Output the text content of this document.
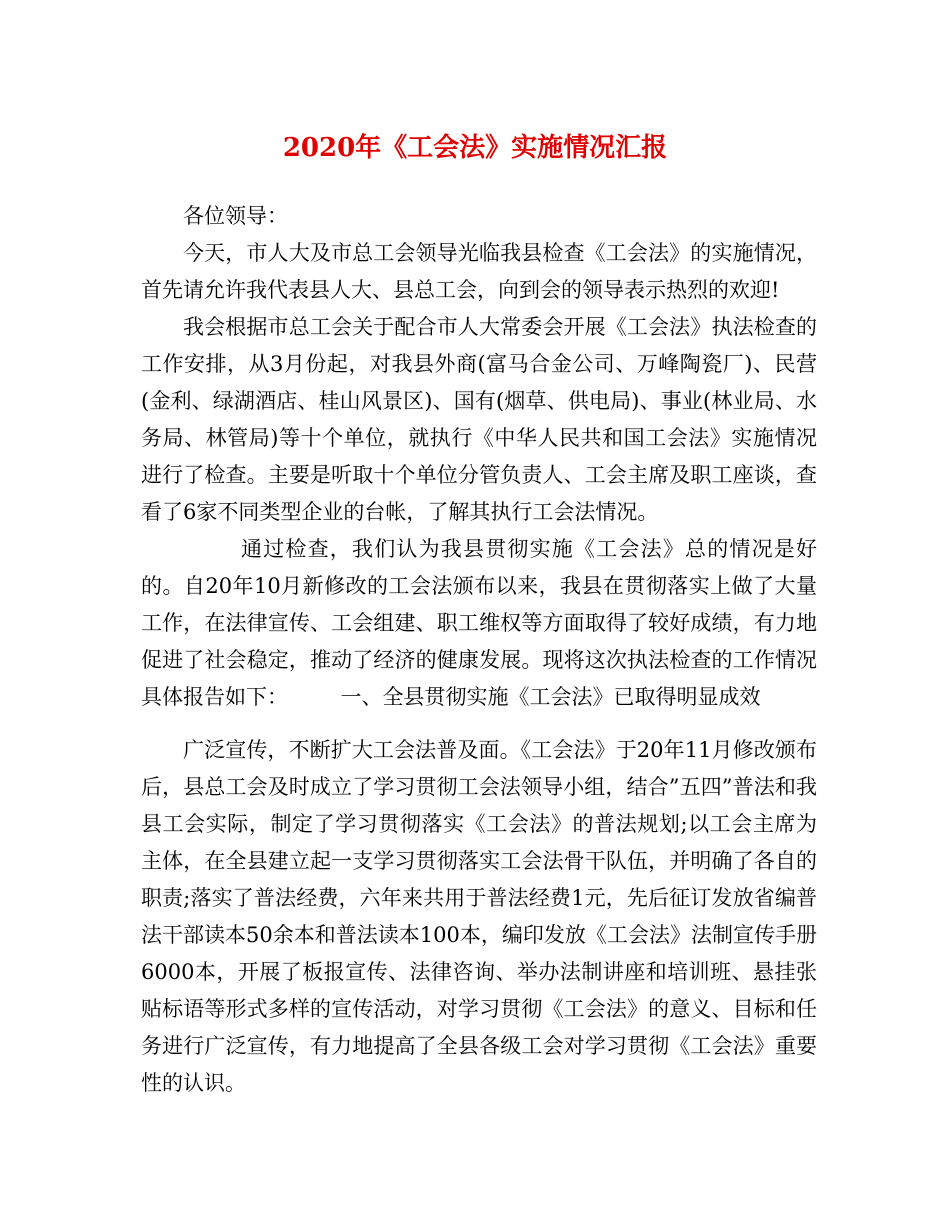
2020年《工会法》实施情况汇报

各位领导：

今天，市人大及市总工会领导光临我县检查《工会法》的实施情况，首先请允许我代表县人大、县总工会，向到会的领导表示热烈的欢迎!

我会根据市总工会关于配合市人大常委会开展《工会法》执法检查的工作安排，从3月份起，对我县外商(富马合金公司、万峰陶瓷厂)、民营(金利、绿湖酒店、桂山风景区)、国有(烟草、供电局)、事业(林业局、水务局、林管局)等十个单位，就执行《中华人民共和国工会法》实施情况进行了检查。主要是听取十个单位分管负责人、工会主席及职工座谈，查看了6家不同类型企业的台帐，了解其执行工会法情况。

通过检查，我们认为我县贯彻实施《工会法》总的情况是好的。自20年10月新修改的工会法颁布以来，我县在贯彻落实上做了大量工作，在法律宣传、工会组建、职工维权等方面取得了较好成绩，有力地促进了社会稳定，推动了经济的健康发展。现将这次执法检查的工作情况具体报告如下：　　　一、全县贯彻实施《工会法》已取得明显成效

广泛宣传，不断扩大工会法普及面。《工会法》于20年11月修改颁布后，县总工会及时成立了学习贯彻工会法领导小组，结合”五四”普法和我县工会实际，制定了学习贯彻落实《工会法》的普法规划;以工会主席为主体，在全县建立起一支学习贯彻落实工会法骨干队伍，并明确了各自的职责;落实了普法经费，六年来共用于普法经费1元，先后征订发放省编普法干部读本50余本和普法读本100本，编印发放《工会法》法制宣传手册6000本，开展了板报宣传、法律咨询、举办法制讲座和培训班、悬挂张贴标语等形式多样的宣传活动，对学习贯彻《工会法》的意义、目标和任务进行广泛宣传，有力地提高了全县各级工会对学习贯彻《工会法》重要性的认识。
